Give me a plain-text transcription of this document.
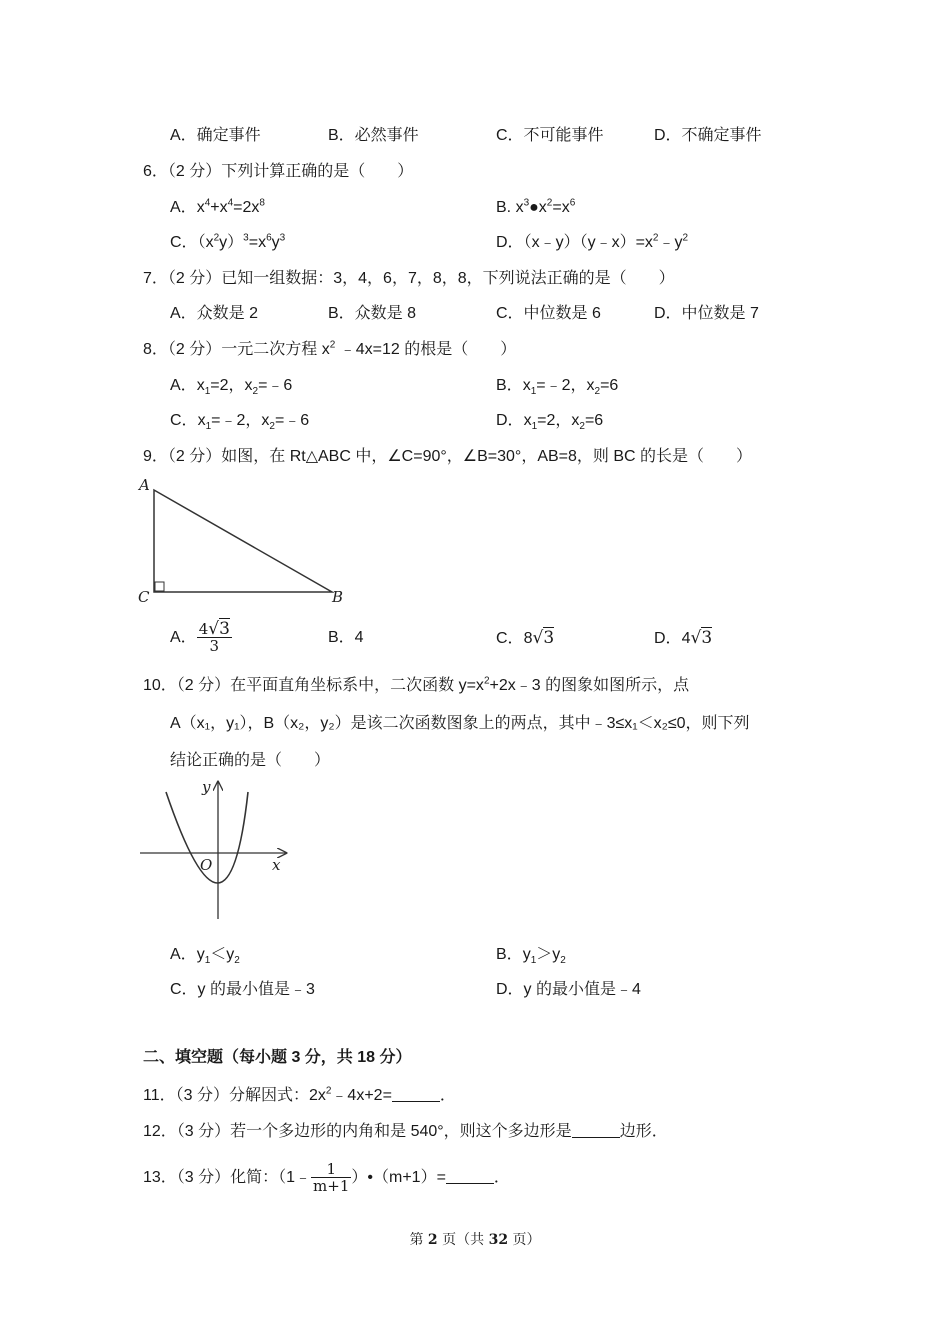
A．确定事件	B．必然事件	C．不可能事件	D．不确定事件
6．（2 分）下列计算正确的是（　　）
A．$x^4+x^4=2x^8$	B. $x^3●x^2=x^6$
C．$(x^2y)^3=x^6y^3$	D．$(x﹣y)(y﹣x)=x^2﹣y^2$
7．（2 分）已知一组数据：3，4，6，7，8，8，下列说法正确的是（　　）
A．众数是 2	B．众数是 8	C．中位数是 6	D．中位数是 7
8．（2 分）一元二次方程 $x^2$ ﹣4x=12 的根是（　　）
A．$x_1=2$，$x_2=﹣6$	B．$x_1=﹣2$，$x_2=6$
C．$x_1=﹣2$，$x_2=﹣6$	D．$x_1=2$，$x_2=6$
9．（2 分）如图，在 Rt△ABC 中，∠C=90°，∠B=30°，AB=8，则 BC 的长是（　　）
A
C	B
A． $\frac{4√3}{3}$	B．4	C．8√3	D．4√3
10．（2 分）在平面直角坐标系中，二次函数 $y=x^2+2x﹣3$ 的图象如图所示，点
A（x₁，y₁），B（x₂，y₂）是该二次函数图象上的两点，其中﹣3≤x₁＜x₂≤0，则下列
结论正确的是（　　）
y
x
O
A．$y_1<y_2$	B．$y_1>y_2$
C．y 的最小值是﹣3	D．y 的最小值是﹣4
二、填空题（每小题 3 分，共 18 分）
11．（3 分）分解因式：$2x^2﹣4x+2=$	．
12．（3 分）若一个多边形的内角和是 540°，则这个多边形是	边形．
13．（3 分）化简：（1﹣ $\frac{1}{m+1}$ ）•（m+1）=	．
第 2 页（共 32 页）
